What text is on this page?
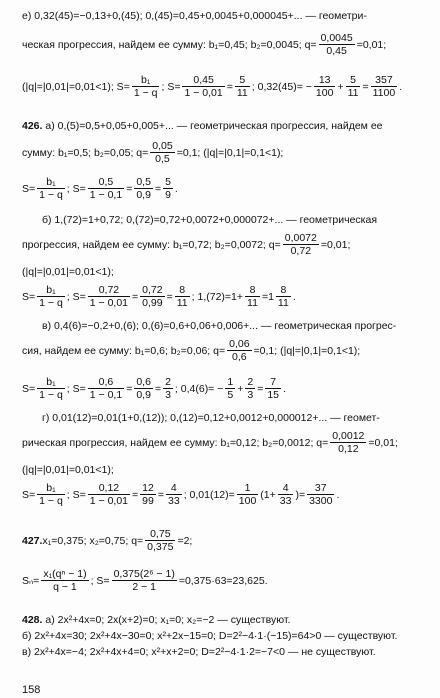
е) 0,32(45)=−0,13+0,(45); 0,(45)=0,45+0,0045+0,000045+... — геометри-
ческая прогрессия, найдем ее сумму: b₁=0,45; b₂=0,0045; $q= \frac{0,0045}{0,45} =0,01$;
(|q|=|0,01|=0,01<1); $S= \frac{\text{b₁}}{1 - q}$ ; $S= \frac{0,45}{1 - 0,01} = \frac{5}{11}$ ; $0,32(45)= - \frac{13}{100} + \frac{5}{11} = \frac{357}{1100}$ .
426. а) 0,(5)=0,5+0,05+0,005+... — геометрическая прогрессия, найдем ее
сумму: b₁=0,5; b₂=0,05; $q= \frac{0,05}{0,5} =0,1$; (|q|=|0,1|=0,1<1);
$S= \frac{\text{b₁}}{1 - q}$ ; $S= \frac{0,5}{1 - 0,1} = \frac{0,5}{0,9} = \frac{5}{9}$ .
б) 1,(72)=1+0,72; 0,(72)=0,72+0,0072+0,000072+... — геометрическая
прогрессия, найдем ее сумму: b₁=0,72; b₂=0,0072; $q= \frac{0,0072}{0,72} =0,01$;
(|q|=|0,01|=0,01<1);
$S= \frac{\text{b₁}}{1 - q}$ ; $S= \frac{0,72}{1 - 0,01} = \frac{0,72}{0,99} = \frac{8}{11}$ ; $1,(72)=1+ \frac{8}{11} =1 \frac{8}{11}$ .
в) 0,4(6)=−0,2+0,(6); 0,(6)=0,6+0,06+0,006+... — геометрическая прогрес-
сия, найдем ее сумму: b₁=0,6; b₂=0,06; $q= \frac{0,06}{0,6} =0,1$; (|q|=|0,1|=0,1<1);
$S= \frac{\text{b₁}}{1 - q}$ ; $S= \frac{0,6}{1 - 0,1} = \frac{0,6}{0,9} = \frac{2}{3}$ ; $0,4(6)= - \frac{1}{5} + \frac{2}{3} = \frac{7}{15}$ .
г) 0,01(12)=0,01(1+0,(12)); 0,(12)=0,12+0,0012+0,000012+... — геомет-
рическая прогрессия, найдем ее сумму: b₁=0,12; b₂=0,0012; $q= \frac{0,0012}{0,12} =0,01$;
(|q|=|0,01|=0,01<1);
$S= \frac{\text{b₁}}{1 - q}$ ; $S= \frac{0,12}{1 - 0,01} = \frac{12}{99} = \frac{4}{33}$ ; $0,01(12)= \frac{1}{100} (1+ \frac{4}{33}$ )= $\frac{37}{3300}$ .
427.x₁=0,375; x₂=0,75; $q= \frac{0,75}{0,375} =2$;
$S_n= \frac{\text{x₁(qⁿ − 1)}}{q - 1}$ ; $S= \frac{\text{0,375(2⁶ − 1)}}{2 - 1} =0,375\cdot 63=23,625$.
428. а) 2x²+4x=0; 2x(x+2)=0; x₁=0; x₂=−2 — существуют.
б) 2x²+4x=30; 2x²+4x−30=0; x²+2x−15=0; D=2²−4·1·(−15)=64>0 — существуют.
в) 2x²+4x=−4; 2x²+4x+4=0; x²+x+2=0; D=2²−4·1·2=−7<0 — не существуют.
158
